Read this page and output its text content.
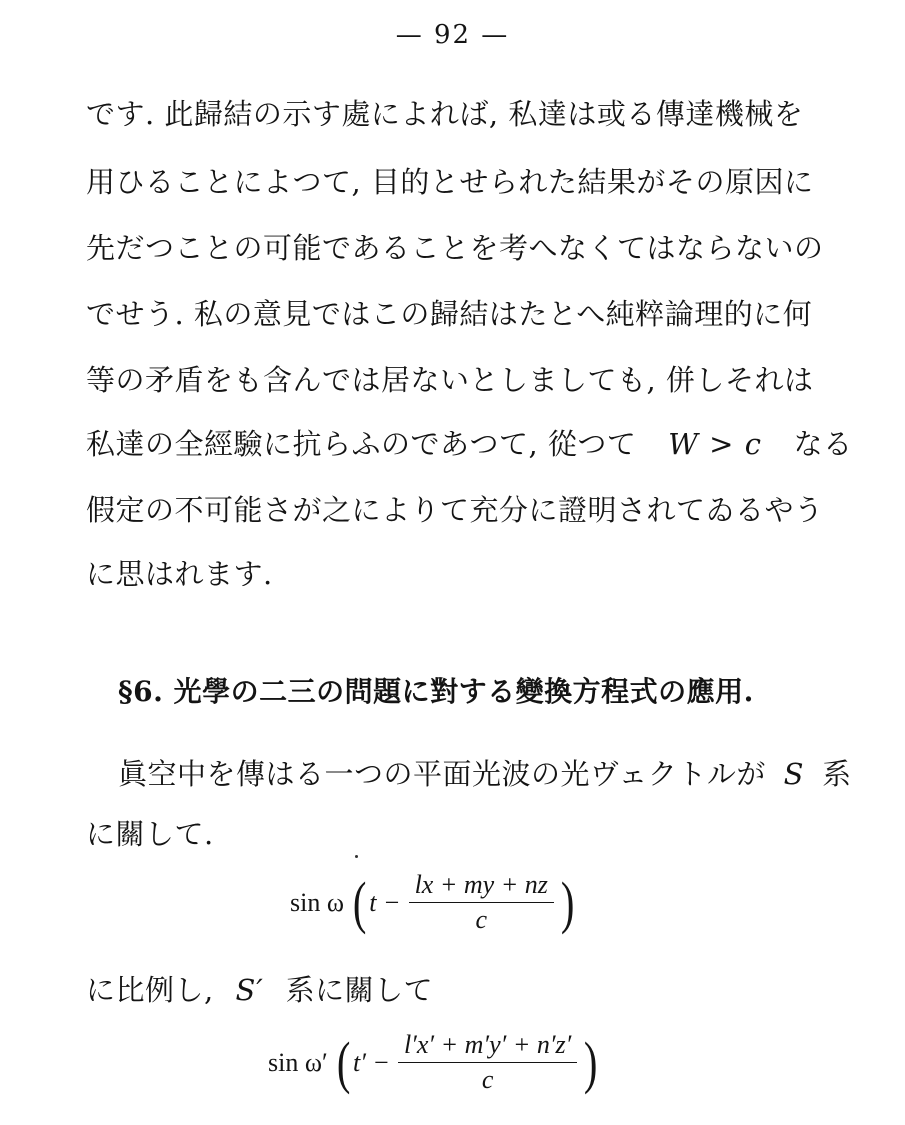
— 92 —
です. 此歸結の示す處によれば, 私達は或る傳達機械を
用ひることによつて, 目的とせられた結果がその原因に
先だつことの可能であることを考へなくてはならないの
でせう. 私の意見ではこの歸結はたとへ純粹論理的に何
等の矛盾をも含んでは居ないとしましても, 併しそれは
私達の全經驗に抗らふのであつて, 從つて W > c なる
假定の不可能さが之によりて充分に證明されてゐるやう
に思はれます.
§6. 光學の二三の問題に對する變換方程式の應用.
眞空中を傳はる一つの平面光波の光ヴェクトルが S 系
に關して.
sin ω ( $t - \frac{lx + my + nz}{c}$ )
に比例し, S′ 系に關して
sin ω′ ( $t' - \frac{l'x' + m'y' + n'z'}{c}$ )
